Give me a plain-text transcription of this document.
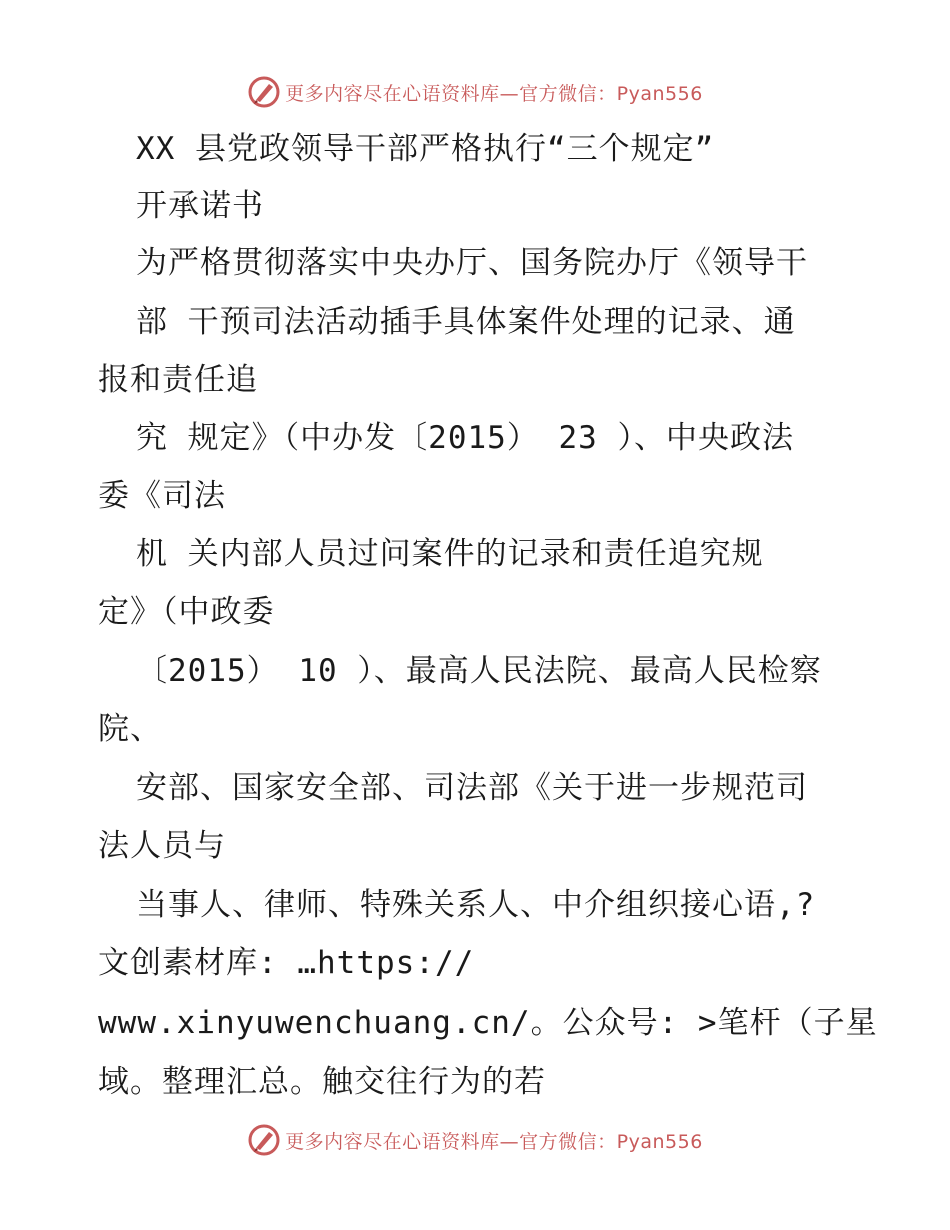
更多内容尽在心语资料库—官方微信：Pyan556
XX 县党政领导干部严格执行“三个规定”
开承诺书
为严格贯彻落实中央办厅、国务院办厅《领导干
部 干预司法活动插手具体案件处理的记录、通
报和责任追
究 规定》（中办发〔2015） 23 ）、中央政法
委《司法
机 关内部人员过问案件的记录和责任追究规
定》（中政委
〔2015） 10 ）、最高人民法院、最高人民检察
院、
安部、国家安全部、司法部《关于进一步规范司
法人员与
当事人、律师、特殊关系人、中介组织接心语,?
文创素材库: …https://
www.xinyuwenchuang.cn/。公众号: >笔杆（子星
域。整理汇总。触交往行为的若
更多内容尽在心语资料库—官方微信：Pyan556
